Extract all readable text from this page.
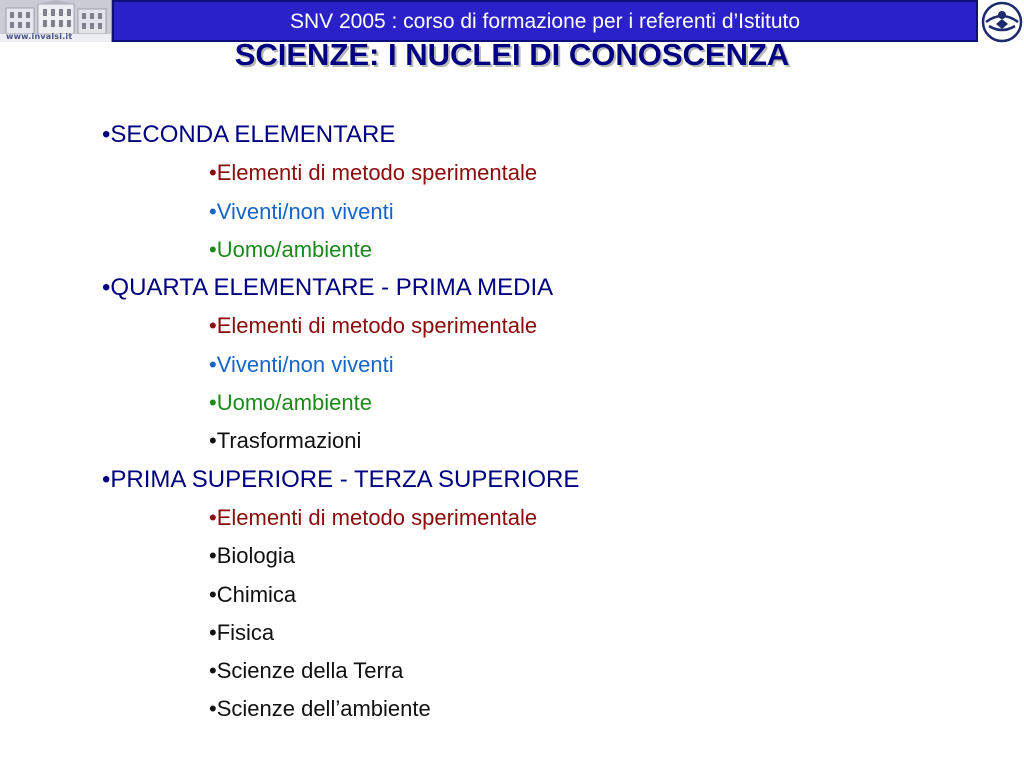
www.invalsi.it
SNV 2005 : corso di formazione per i referenti d’Istituto
SCIENZE: I NUCLEI DI CONOSCENZA
•SECONDA ELEMENTARE
•Elementi di metodo sperimentale
•Viventi/non viventi
•Uomo/ambiente
•QUARTA ELEMENTARE - PRIMA MEDIA
•Elementi di metodo sperimentale
•Viventi/non viventi
•Uomo/ambiente
•Trasformazioni
•PRIMA SUPERIORE - TERZA SUPERIORE
•Elementi di metodo sperimentale
•Biologia
•Chimica
•Fisica
•Scienze della Terra
•Scienze dell’ambiente
